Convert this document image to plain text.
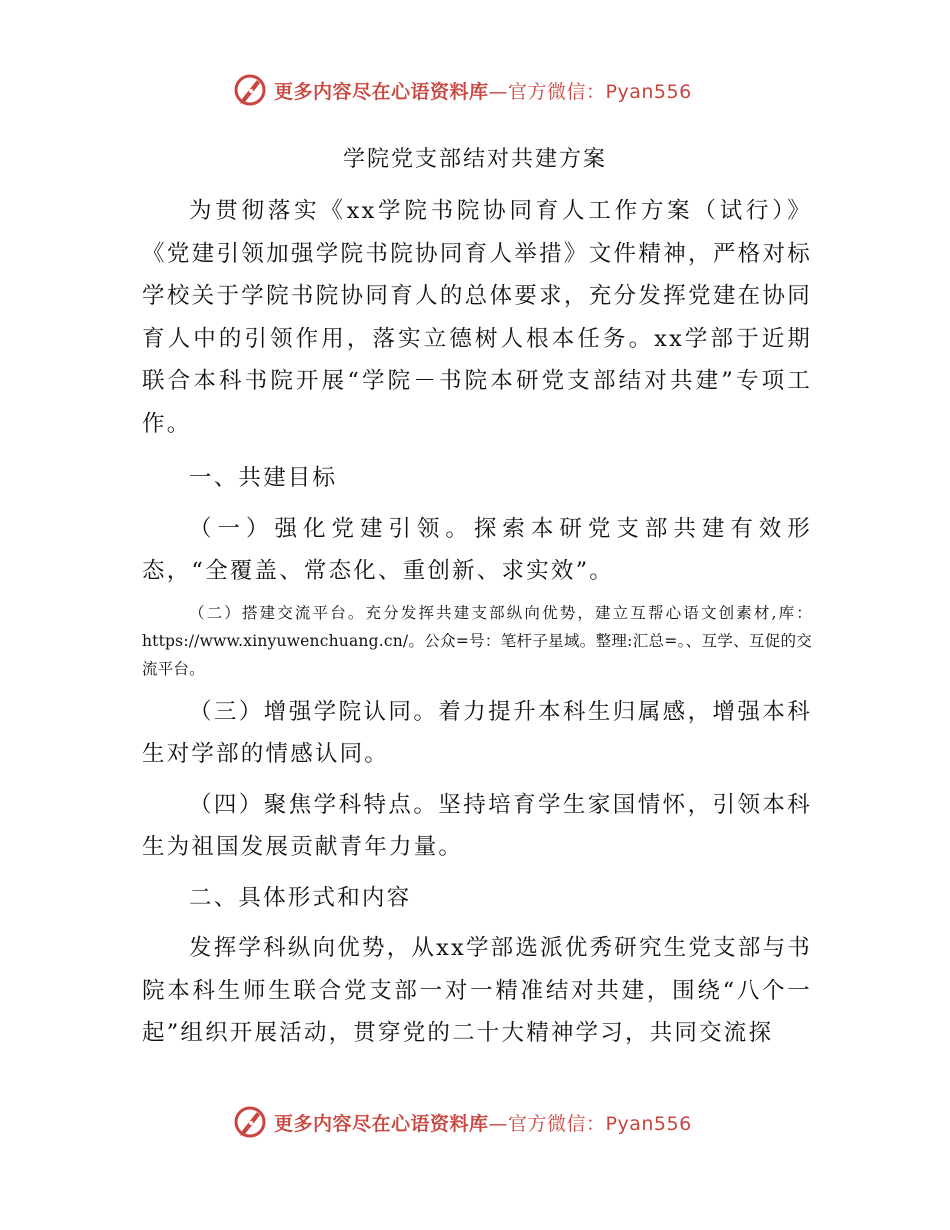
更多内容尽在心语资料库—官方微信：Pyan556
学院党支部结对共建方案

为贯彻落实《xx学院书院协同育人工作方案（试行）》《党建引领加强学院书院协同育人举措》文件精神，严格对标学校关于学院书院协同育人的总体要求，充分发挥党建在协同育人中的引领作用，落实立德树人根本任务。xx学部于近期联合本科书院开展“学院－书院本研党支部结对共建”专项工作。

一、共建目标

（一）强化党建引领。探索本研党支部共建有效形态，“全覆盖、常态化、重创新、求实效”。

（二）搭建交流平台。充分发挥共建支部纵向优势，建立互帮心语文创素材,库：https://www.xinyuwenchuang.cn/。公众=号：笔杆子星域。整理:汇总=。、互学、互促的交流平台。

（三）增强学院认同。着力提升本科生归属感，增强本科生对学部的情感认同。

（四）聚焦学科特点。坚持培育学生家国情怀，引领本科生为祖国发展贡献青年力量。

二、具体形式和内容

发挥学科纵向优势，从xx学部选派优秀研究生党支部与书院本科生师生联合党支部一对一精准结对共建，围绕“八个一起”组织开展活动，贯穿党的二十大精神学习，共同交流探

更多内容尽在心语资料库—官方微信：Pyan556
